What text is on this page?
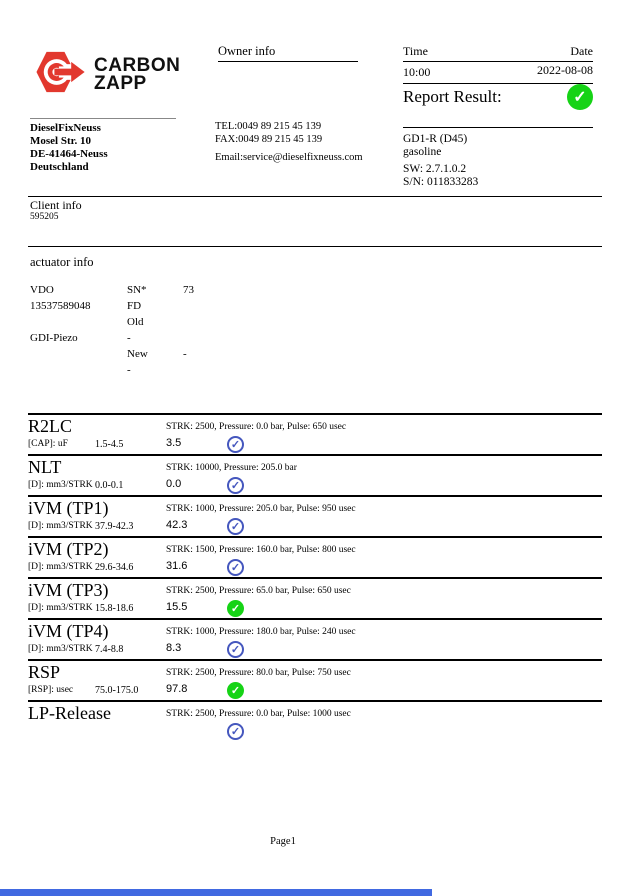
CARBON
ZAPP
Owner info	Time	Date
10:00	2022-08-08
Report Result:
✓
GD1-R (D45)
gasoline
SW: 2.7.1.0.2
S/N: 011833283
DieselFixNeuss
Mosel Str. 10
DE-41464-Neuss
Deutschland
TEL:0049 89 215 45 139
FAX:0049 89 215 45 139
Email:service@dieselfixneuss.com
Client info
595205
actuator info
VDO	SN*	73
13537589048	FD
Old
GDI-Piezo	-
New	-
-
R2LC	STRK: 2500, Pressure: 0.0 bar, Pulse: 650 usec
[CAP]: uF	1.5-4.5	3.5
✓
NLT	STRK: 10000, Pressure: 205.0 bar
[D]: mm3/STRK 0.0-0.1	0.0
✓
iVM (TP1)	STRK: 1000, Pressure: 205.0 bar, Pulse: 950 usec
[D]: mm3/STRK 37.9-42.3	42.3
✓
iVM (TP2)	STRK: 1500, Pressure: 160.0 bar, Pulse: 800 usec
[D]: mm3/STRK 29.6-34.6	31.6
✓
iVM (TP3)	STRK: 2500, Pressure: 65.0 bar, Pulse: 650 usec
[D]: mm3/STRK 15.8-18.6	15.5
✓
iVM (TP4)	STRK: 1000, Pressure: 180.0 bar, Pulse: 240 usec
[D]: mm3/STRK 7.4-8.8	8.3
✓
RSP	STRK: 2500, Pressure: 80.0 bar, Pulse: 750 usec
[RSP]: usec 75.0-175.0	97.8
✓
LP-Release	STRK: 2500, Pressure: 0.0 bar, Pulse: 1000 usec
✓
Page1
